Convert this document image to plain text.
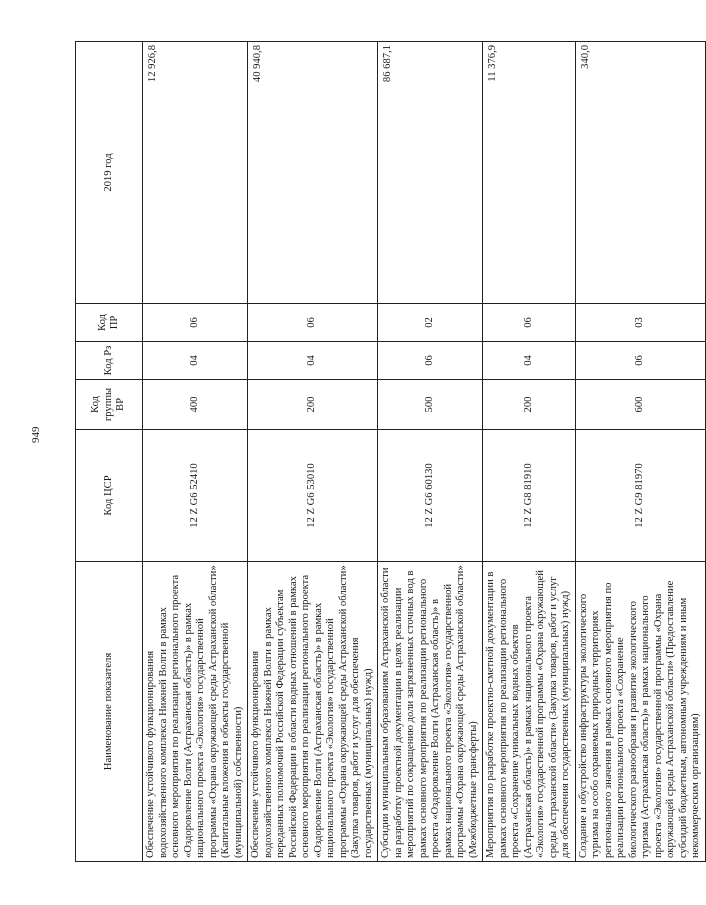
949
Наименование показателя	Код ЦСР	Код группы ВР	Код Рз	Код ПР	2019 год
Обеспечение устойчивого функционирования водохозяйственного комплекса Нижней Волги в рамках основного мероприятия по реализации регионального проекта «Оздоровление Волги (Астраханская область)» в рамках национального проекта «Экология» государственной программы «Охрана окружающей среды Астраханской области» (Капитальные вложения в объекты государственной (муниципальной) собственности)	12 Z G6 52410	400	04	06	12 926,8
Обеспечение устойчивого функционирования водохозяйственного комплекса Нижней Волги в рамках переданных полномочий Российской Федерации субъектам Российской Федерации в области водных отношений в рамках основного мероприятия по реализации регионального проекта «Оздоровление Волги (Астраханская область)» в рамках национального проекта «Экология» государственной программы «Охрана окружающей среды Астраханской области» (Закупка товаров, работ и услуг для обеспечения государственных (муниципальных) нужд)	12 Z G6 53010	200	04	06	40 940,8
Субсидии муниципальным образованиям Астраханской области на разработку проектной документации в целях реализации мероприятий по сокращению доли загрязненных сточных вод в рамках основного мероприятия по реализации регионального проекта «Оздоровление Волги (Астраханская область)» в рамках национального проекта «Экология» государственной программы «Охрана окружающей среды Астраханской области» (Межбюджетные трансферты)	12 Z G6 60130	500	06	02	86 687,1
Мероприятия по разработке проектно-сметной документации в рамках основного мероприятия по реализации регионального проекта «Сохранение уникальных водных объектов (Астраханская область)» в рамках национального проекта «Экология» государственной программы «Охрана окружающей среды Астраханской области» (Закупка товаров, работ и услуг для обеспечения государственных (муниципальных) нужд)	12 Z G8 81910	200	04	06	11 376,9
Создание и обустройство инфраструктуры экологического туризма на особо охраняемых природных территориях регионального значения в рамках основного мероприятия по реализации регионального проекта «Сохранение биологического разнообразия и развитие экологического туризма (Астраханская область)» в рамках национального проекта «Экология» государственной программы «Охрана окружающей среды Астраханской области» (Предоставление субсидий бюджетным, автономным учреждениям и иным некоммерческим организациям)	12 Z G9 81970	600	06	03	340,0
